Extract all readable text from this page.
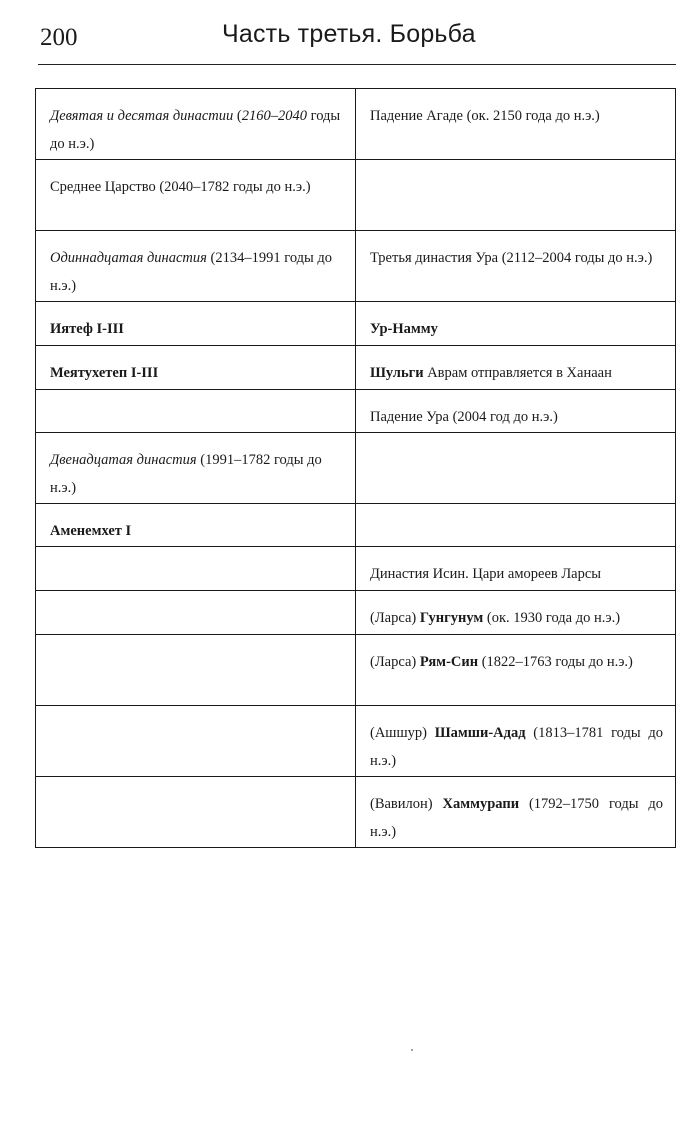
200	Часть третья. Борьба
Девятая и десятая династии (2160–2040 годы до н.э.)	Падение Агаде (ок. 2150 года до н.э.)
Среднее Царство (2040–1782 годы до н.э.)	
Одиннадцатая династия (2134–1991 годы до н.э.)	Третья династия Ура (2112–2004 годы до н.э.)
Иятеф I-III	Ур-Намму
Меятухетеп I-III	Шульги Аврам отправляется в Ханаан
	Падение Ура (2004 год до н.э.)
Двенадцатая династия (1991–1782 годы до н.э.)	
Аменемхет I	
	Династия Исин. Цари амореев Ларсы
	(Ларса) Гунгунум (ок. 1930 года до н.э.)
	(Ларса) Рям-Син (1822–1763 годы до н.э.)
	(Ашшур) Шамши-Адад (1813–1781 годы до н.э.)
	(Вавилон) Хаммурапи (1792–1750 годы до н.э.)
